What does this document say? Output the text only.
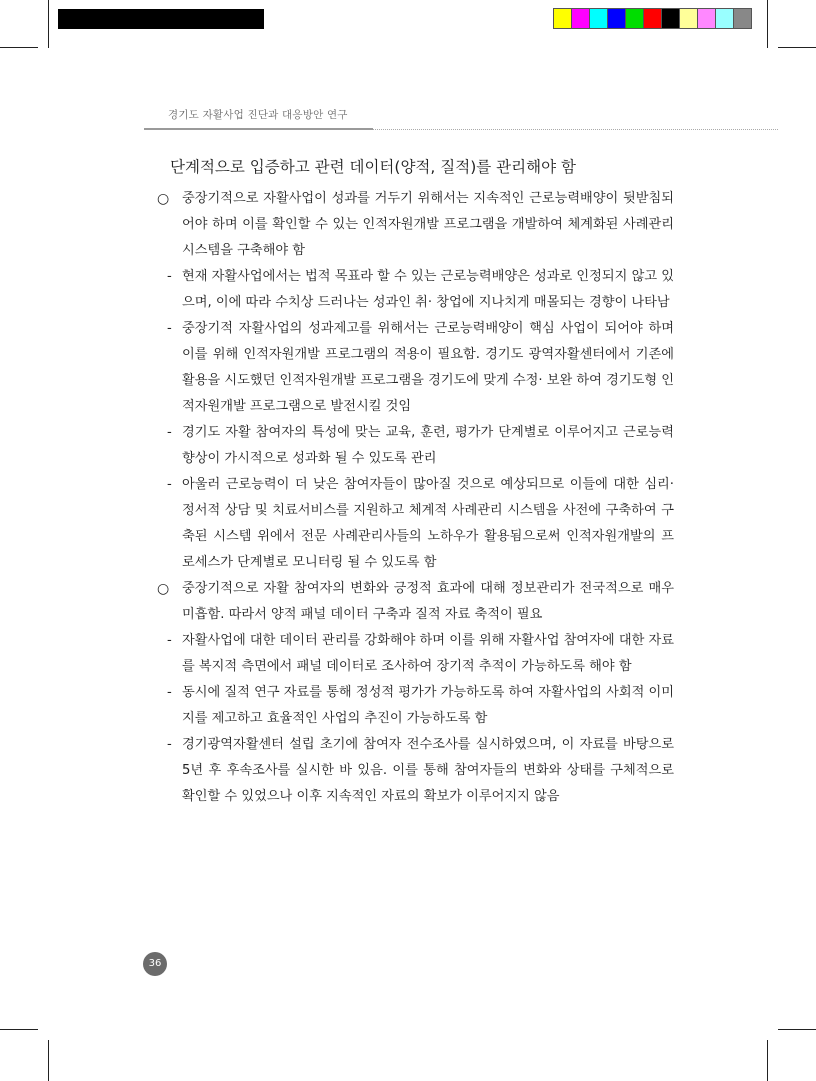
경기도 자활사업 진단과 대응방안 연구
단계적으로 입증하고 관련 데이터(양적, 질적)를 관리해야 함
○ 중장기적으로 자활사업이 성과를 거두기 위해서는 지속적인 근로능력배양이 뒷받침되어야 하며 이를 확인할 수 있는 인적자원개발 프로그램을 개발하여 체계화된 사례관리 시스템을 구축해야 함
- 현재 자활사업에서는 법적 목표라 할 수 있는 근로능력배양은 성과로 인정되지 않고 있으며, 이에 따라 수치상 드러나는 성과인 취· 창업에 지나치게 매몰되는 경향이 나타남
- 중장기적 자활사업의 성과제고를 위해서는 근로능력배양이 핵심 사업이 되어야 하며 이를 위해 인적자원개발 프로그램의 적용이 필요함. 경기도 광역자활센터에서 기존에 활용을 시도했던 인적자원개발 프로그램을 경기도에 맞게 수정· 보완 하여 경기도형 인적자원개발 프로그램으로 발전시킬 것임
- 경기도 자활 참여자의 특성에 맞는 교육, 훈련, 평가가 단계별로 이루어지고 근로능력향상이 가시적으로 성과화 될 수 있도록 관리
- 아울러 근로능력이 더 낮은 참여자들이 많아질 것으로 예상되므로 이들에 대한 심리· 정서적 상담 및 치료서비스를 지원하고 체계적 사례관리 시스템을 사전에 구축하여 구축된 시스템 위에서 전문 사례관리사들의 노하우가 활용됨으로써 인적자원개발의 프로세스가 단계별로 모니터링 될 수 있도록 함
○ 중장기적으로 자활 참여자의 변화와 긍정적 효과에 대해 정보관리가 전국적으로 매우 미흡함. 따라서 양적 패널 데이터 구축과 질적 자료 축적이 필요
- 자활사업에 대한 데이터 관리를 강화해야 하며 이를 위해 자활사업 참여자에 대한 자료를 복지적 측면에서 패널 데이터로 조사하여 장기적 추적이 가능하도록 해야 함
- 동시에 질적 연구 자료를 통해 정성적 평가가 가능하도록 하여 자활사업의 사회적 이미지를 제고하고 효율적인 사업의 추진이 가능하도록 함
- 경기광역자활센터 설립 초기에 참여자 전수조사를 실시하였으며, 이 자료를 바탕으로 5년 후 후속조사를 실시한 바 있음. 이를 통해 참여자들의 변화와 상태를 구체적으로 확인할 수 있었으나 이후 지속적인 자료의 확보가 이루어지지 않음
36
